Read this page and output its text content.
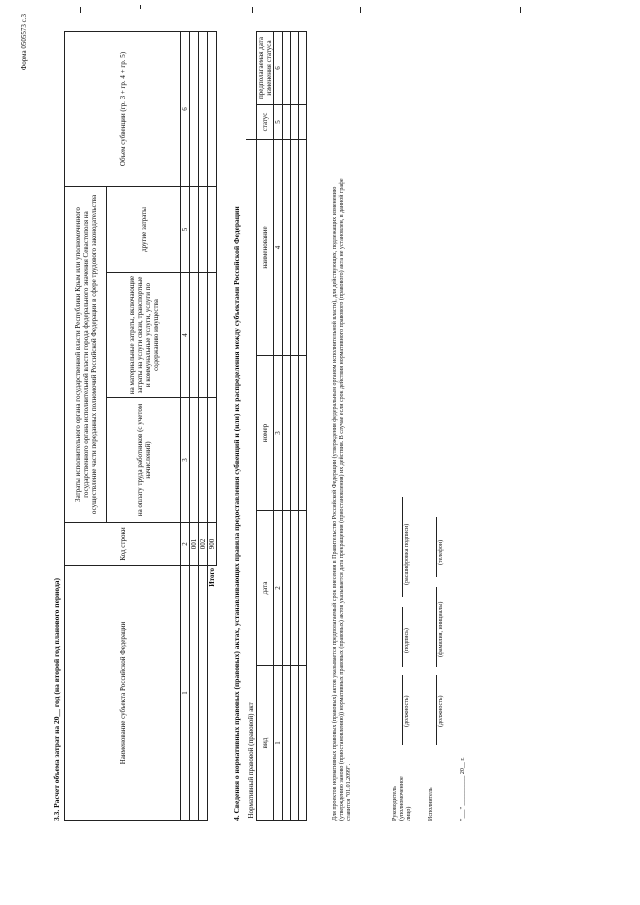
Форма 0505573 с.3
3.3. Расчет объема затрат на 20__ год (на второй год планового периода)	Наименование субъекта Российской Федерации	Код строки	Затраты исполнительного органа государственной власти Республики Крым или уполномоченного государственного органа исполнительной власти города федерального значения Севастополя на осуществление части переданных полномочий Российской Федерации в сфере трудового законодательства			Объем субвенции (гр. 3 + гр. 4 + гр. 5)
		на оплату труда работников (с учетом начислений)	на материальные затраты, включающие затраты на услуги связи, транспортные и коммунальные услуги, услуги по содержанию имущества	другие затраты	
1	2	3	4	5	6
	001				
	002				
Итого	900				4. Сведения о нормативных правовых (правовых) актах, устанавливающих правила предоставления субвенций и (или) их распределения между субъектами Российской Федерации Нормативный правовой (правовой) акт					
вид	дата	номер	наименование	статус	предполагаемая дата изменения статуса
1	2	3	4	5	6

Для проектов нормативных правовых (правовых) актов указывается предполагаемый срок внесения в Правительство Российской Федерации (утверждения федеральным органом исполнительной власти), для действующих, подлежащих изменению (утверждению заново (приостановлению)) нормативных правовых (правовых) актов указывается дата прекращения (приостановления) их действия. В случае если срок действия нормативного правового (правового) акта не установлен, в данной графе ставится "01.01.2099".	Руководитель (уполномоченное лицо)
(должность)
(подпись)
(расшифровка подписи)
Исполнитель
(должность)
(фамилия, инициалы)
(телефон)
"___" __________ 20__ г.
